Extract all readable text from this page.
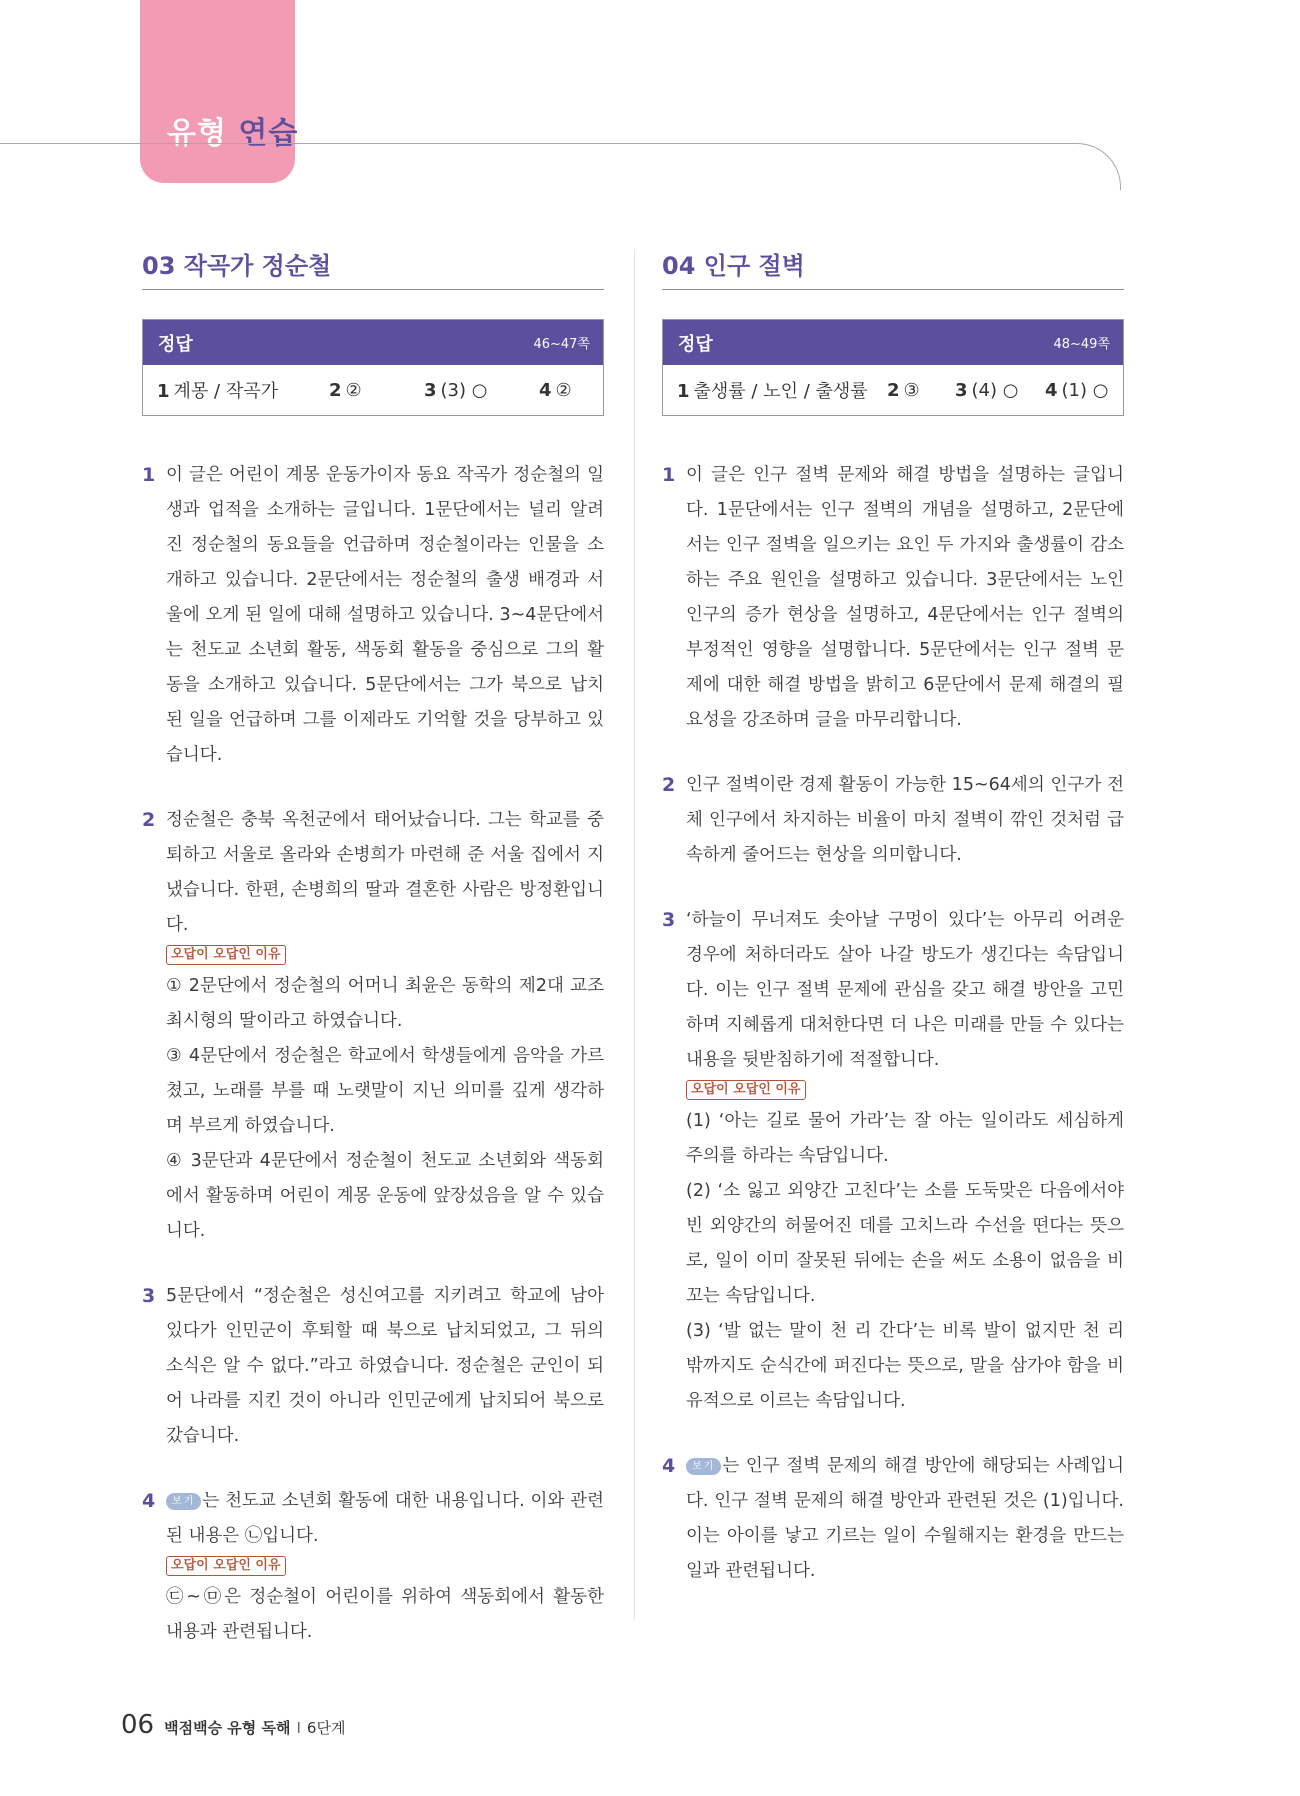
유형 연습
03 작곡가 정순철
정답	46~47쪽
1 계몽 / 작곡가	2 ②	3 (3) ○	4 ②
1 이 글은 어린이 계몽 운동가이자 동요 작곡가 정순철의 일생과 업적을 소개하는 글입니다. 1문단에서는 널리 알려진 정순철의 동요들을 언급하며 정순철이라는 인물을 소개하고 있습니다. 2문단에서는 정순철의 출생 배경과 서울에 오게 된 일에 대해 설명하고 있습니다. 3~4문단에서는 천도교 소년회 활동, 색동회 활동을 중심으로 그의 활동을 소개하고 있습니다. 5문단에서는 그가 북으로 납치된 일을 언급하며 그를 이제라도 기억할 것을 당부하고 있습니다.

2 정순철은 충북 옥천군에서 태어났습니다. 그는 학교를 중퇴하고 서울로 올라와 손병희가 마련해 준 서울 집에서 지냈습니다. 한편, 손병희의 딸과 결혼한 사람은 방정환입니다.

오답이 오답인 이유

① 2문단에서 정순철의 어머니 최윤은 동학의 제2대 교조 최시형의 딸이라고 하였습니다.

③ 4문단에서 정순철은 학교에서 학생들에게 음악을 가르쳤고, 노래를 부를 때 노랫말이 지닌 의미를 깊게 생각하며 부르게 하였습니다.

④ 3문단과 4문단에서 정순철이 천도교 소년회와 색동회에서 활동하며 어린이 계몽 운동에 앞장섰음을 알 수 있습니다.

3 5문단에서 “정순철은 성신여고를 지키려고 학교에 남아 있다가 인민군이 후퇴할 때 북으로 납치되었고, 그 뒤의 소식은 알 수 없다.”라고 하였습니다. 정순철은 군인이 되어 나라를 지킨 것이 아니라 인민군에게 납치되어 북으로 갔습니다.

4	보기 는 천도교 소년회 활동에 대한 내용입니다. 이와 관련된 내용은 ㉡입니다.

오답이 오답인 이유

㉢~㉤은 정순철이 어린이를 위하여 색동회에서 활동한 내용과 관련됩니다.

04 인구 절벽
정답	48~49쪽
1 출생률 / 노인 / 출생률	2 ③	3 (4) ○	4 (1) ○
1 이 글은 인구 절벽 문제와 해결 방법을 설명하는 글입니다. 1문단에서는 인구 절벽의 개념을 설명하고, 2문단에서는 인구 절벽을 일으키는 요인 두 가지와 출생률이 감소하는 주요 원인을 설명하고 있습니다. 3문단에서는 노인 인구의 증가 현상을 설명하고, 4문단에서는 인구 절벽의 부정적인 영향을 설명합니다. 5문단에서는 인구 절벽 문제에 대한 해결 방법을 밝히고 6문단에서 문제 해결의 필요성을 강조하며 글을 마무리합니다.

2 인구 절벽이란 경제 활동이 가능한 15~64세의 인구가 전체 인구에서 차지하는 비율이 마치 절벽이 깎인 것처럼 급속하게 줄어드는 현상을 의미합니다.

3 ‘하늘이 무너져도 솟아날 구멍이 있다’는 아무리 어려운 경우에 처하더라도 살아 나갈 방도가 생긴다는 속담입니다. 이는 인구 절벽 문제에 관심을 갖고 해결 방안을 고민하며 지혜롭게 대처한다면 더 나은 미래를 만들 수 있다는 내용을 뒷받침하기에 적절합니다.

오답이 오답인 이유

(1) ‘아는 길로 물어 가라’는 잘 아는 일이라도 세심하게 주의를 하라는 속담입니다.

(2) ‘소 잃고 외양간 고친다’는 소를 도둑맞은 다음에서야 빈 외양간의 허물어진 데를 고치느라 수선을 떤다는 뜻으로, 일이 이미 잘못된 뒤에는 손을 써도 소용이 없음을 비꼬는 속담입니다.

(3) ‘발 없는 말이 천 리 간다’는 비록 발이 없지만 천 리 밖까지도 순식간에 퍼진다는 뜻으로, 말을 삼가야 함을 비유적으로 이르는 속담입니다.

4	보기 는 인구 절벽 문제의 해결 방안에 해당되는 사례입니다. 인구 절벽 문제의 해결 방안과 관련된 것은 (1)입니다. 이는 아이를 낳고 기르는 일이 수월해지는 환경을 만드는 일과 관련됩니다.

06 백점백승 유형 독해 I 6단계
